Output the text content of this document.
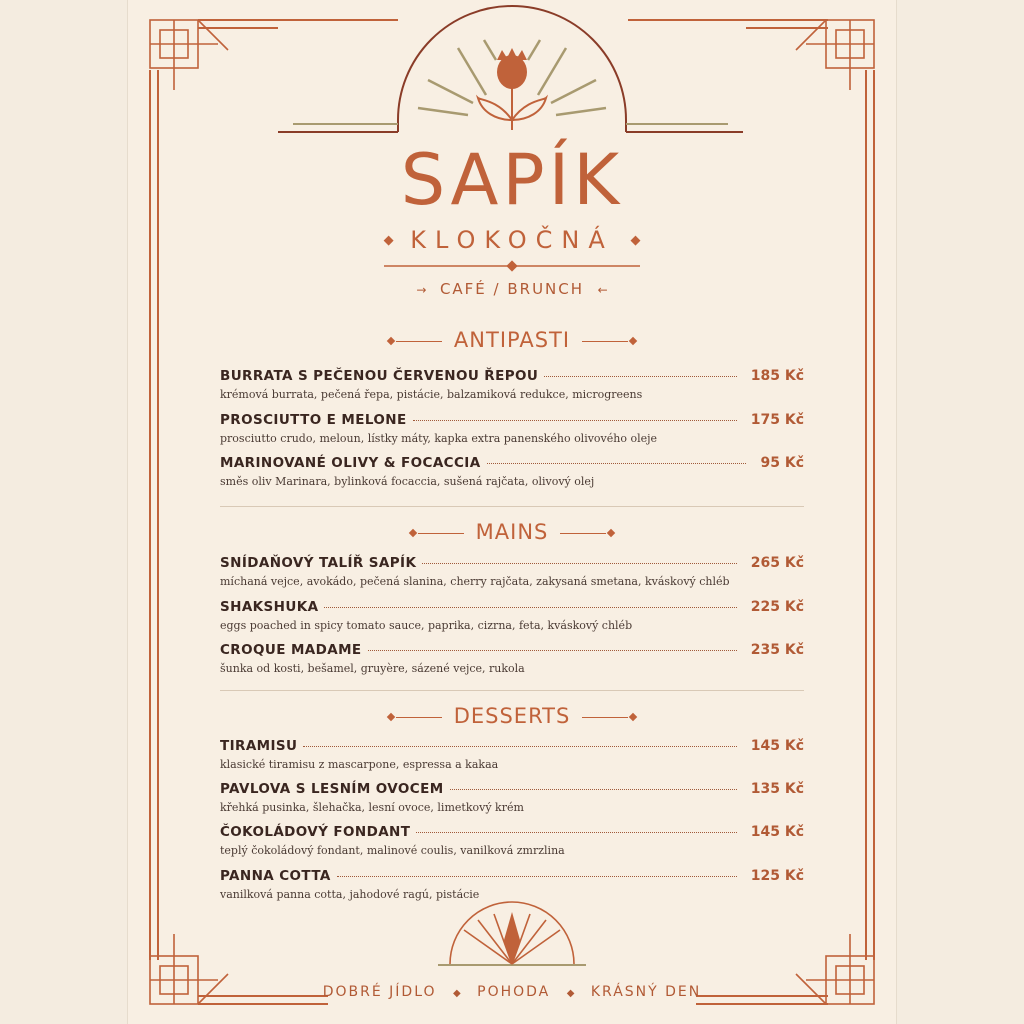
SAPÍK
◆ KLOKOČNÁ ◆
→ CAFÉ / BRUNCH ←
ANTIPASTI
BURRATA S PEČENOU ČERVENOU ŘEPOU	185 Kč
krémová burrata, pečená řepa, pistácie, balzamiková redukce, microgreens
PROSCIUTTO E MELONE	175 Kč
prosciutto crudo, meloun, lístky máty, kapka extra panenského olivového oleje
MARINOVANÉ OLIVY & FOCACCIA	95 Kč
směs oliv Marinara, bylinková focaccia, sušená rajčata, olivový olej
MAINS
SNÍDAŇOVÝ TALÍŘ SAPÍK	265 Kč
míchaná vejce, avokádo, pečená slanina, cherry rajčata, zakysaná smetana, kváskový chléb
SHAKSHUKA	225 Kč
eggs poached in spicy tomato sauce, paprika, cizrna, feta, kváskový chléb
CROQUE MADAME	235 Kč
šunka od kosti, bešamel, gruyère, sázené vejce, rukola
DESSERTS
TIRAMISU	145 Kč
klasické tiramisu z mascarpone, espressa a kakaa
PAVLOVA S LESNÍM OVOCEM	135 Kč
křehká pusinka, šlehačka, lesní ovoce, limetkový krém
ČOKOLÁDOVÝ FONDANT	145 Kč
teplý čokoládový fondant, malinové coulis, vanilková zmrzlina
PANNA COTTA	125 Kč
vanilková panna cotta, jahodové ragú, pistácie
DOBRÉ JÍDLO ◆ POHODA ◆ KRÁSNÝ DEN
